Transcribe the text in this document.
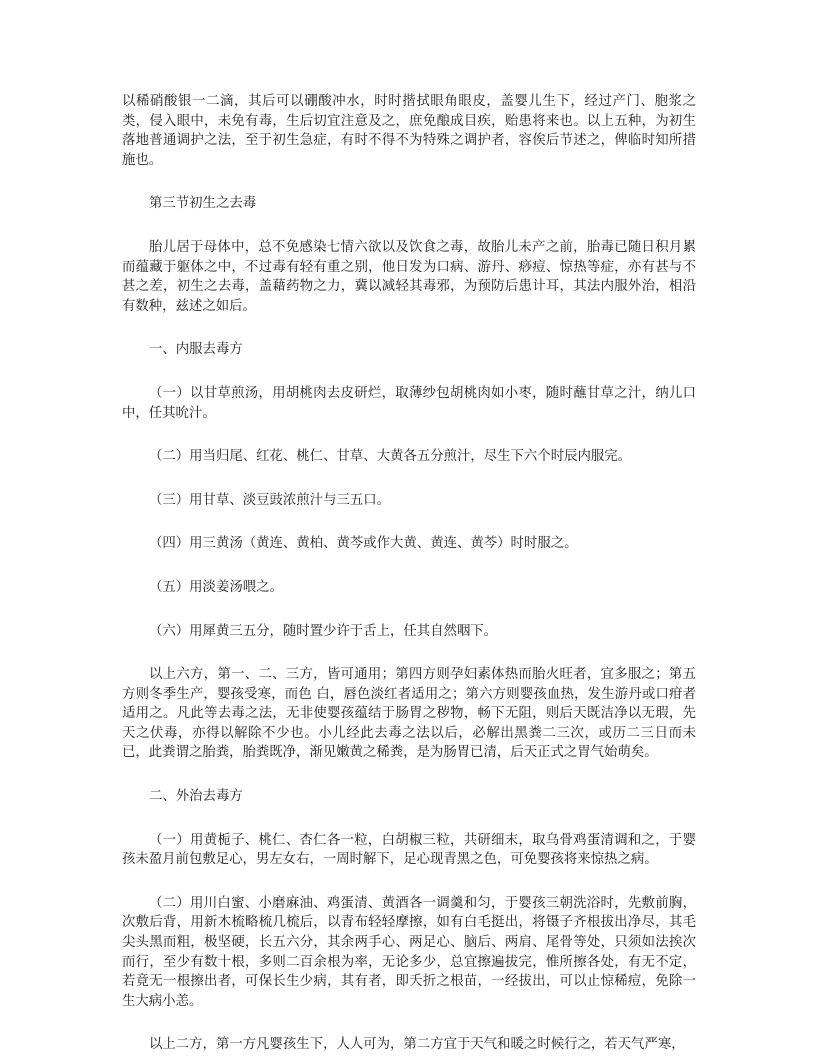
以稀硝酸银一二滴，其后可以硼酸冲水，时时揩拭眼角眼皮，盖婴儿生下，经过产门、胞浆之类，侵入眼中，未免有毒，生后切宜注意及之，庶免酿成目疾，贻患将来也。以上五种，为初生落地普通调护之法，至于初生急症，有时不得不为特殊之调护者，容俟后节述之，俾临时知所措施也。

第三节初生之去毒

胎儿居于母体中，总不免感染七情六欲以及饮食之毒，故胎儿未产之前，胎毒已随日积月累而蕴藏于躯体之中，不过毒有轻有重之别，他日发为口病、游丹、痧痘、惊热等症，亦有甚与不甚之差，初生之去毒，盖藉药物之力，冀以减轻其毒邪，为预防后患计耳，其法内服外治，相沿有数种，兹述之如后。

一、内服去毒方

（一）以甘草煎汤，用胡桃肉去皮研烂，取薄纱包胡桃肉如小枣，随时蘸甘草之汁，纳儿口中，任其吮汁。

（二）用当归尾、红花、桃仁、甘草、大黄各五分煎汁，尽生下六个时辰内服完。

（三）用甘草、淡豆豉浓煎汁与三五口。

（四）用三黄汤（黄连、黄柏、黄芩或作大黄、黄连、黄芩）时时服之。

（五）用淡姜汤喂之。

（六）用犀黄三五分，随时置少许于舌上，任其自然咽下。

以上六方，第一、二、三方，皆可通用；第四方则孕妇素体热而胎火旺者，宜多服之；第五方则冬季生产，婴孩受寒，而色 白，唇色淡红者适用之；第六方则婴孩血热，发生游丹或口疳者适用之。凡此等去毒之法，无非使婴孩蕴结于肠胃之秽物，畅下无阻，则后天既洁净以无瑕，先天之伏毒，亦得以解除不少也。小儿经此去毒之法以后，必解出黑粪二三次，或历二三日而未已，此粪谓之胎粪，胎粪既净，渐见嫩黄之稀粪，是为肠胃已清，后天正式之胃气始萌矣。

二、外治去毒方

（一）用黄栀子、桃仁、杏仁各一粒，白胡椒三粒，共研细末，取乌骨鸡蛋清调和之，于婴孩未盈月前包敷足心，男左女右，一周时解下，足心现青黑之色，可免婴孩将来惊热之病。

（二）用川白蜜、小磨麻油、鸡蛋清、黄酒各一调羹和匀，于婴孩三朝洗浴时，先敷前胸，次敷后背，用新木梳略梳几梳后，以青布轻轻摩擦，如有白毛挺出，将镊子齐根拔出净尽，其毛尖头黑而粗，极坚硬，长五六分，其余两手心、两足心、脑后、两肩、尾骨等处，只须如法挨次而行，至少有数十根，多则二百余根为率，无论多少，总宜擦遍拔完，惟所擦各处，有无不定，若竟无一根擦出者，可保长生少病，其有者，即夭折之根苗，一经拔出，可以止惊稀痘，免除一生大病小恙。

以上二方，第一方凡婴孩生下，人人可为，第二方宜于天气和暖之时候行之，若天气严寒，
